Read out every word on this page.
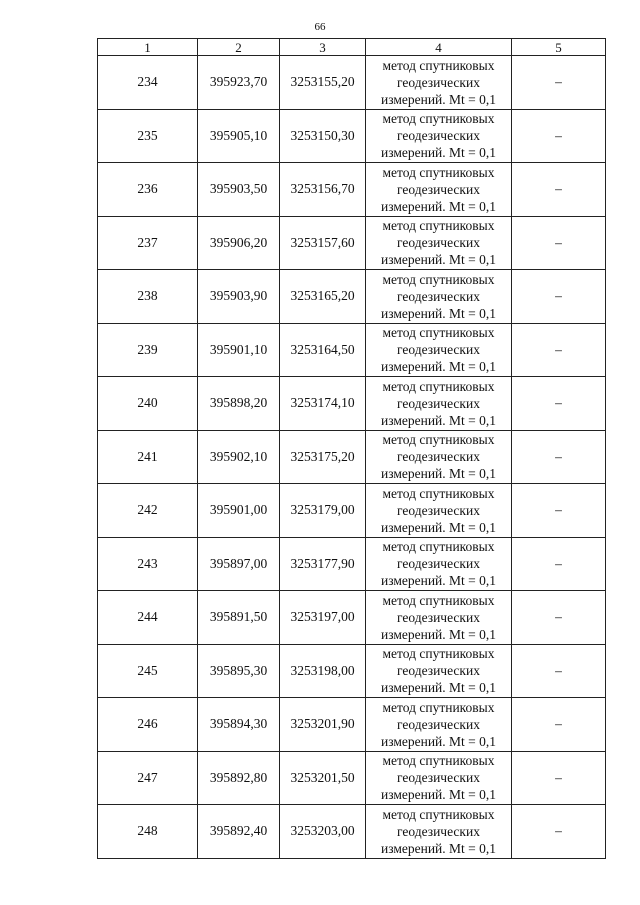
66
1	2	3	4	5
234	395923,70	3253155,20	метод спутниковых
геодезических
измерений. Mt = 0,1	–
235	395905,10	3253150,30	метод спутниковых
геодезических
измерений. Mt = 0,1	–
236	395903,50	3253156,70	метод спутниковых
геодезических
измерений. Mt = 0,1	–
237	395906,20	3253157,60	метод спутниковых
геодезических
измерений. Mt = 0,1	–
238	395903,90	3253165,20	метод спутниковых
геодезических
измерений. Mt = 0,1	–
239	395901,10	3253164,50	метод спутниковых
геодезических
измерений. Mt = 0,1	–
240	395898,20	3253174,10	метод спутниковых
геодезических
измерений. Mt = 0,1	–
241	395902,10	3253175,20	метод спутниковых
геодезических
измерений. Mt = 0,1	–
242	395901,00	3253179,00	метод спутниковых
геодезических
измерений. Mt = 0,1	–
243	395897,00	3253177,90	метод спутниковых
геодезических
измерений. Mt = 0,1	–
244	395891,50	3253197,00	метод спутниковых
геодезических
измерений. Mt = 0,1	–
245	395895,30	3253198,00	метод спутниковых
геодезических
измерений. Mt = 0,1	–
246	395894,30	3253201,90	метод спутниковых
геодезических
измерений. Mt = 0,1	–
247	395892,80	3253201,50	метод спутниковых
геодезических
измерений. Mt = 0,1	–
248	395892,40	3253203,00	метод спутниковых
геодезических
измерений. Mt = 0,1	–
